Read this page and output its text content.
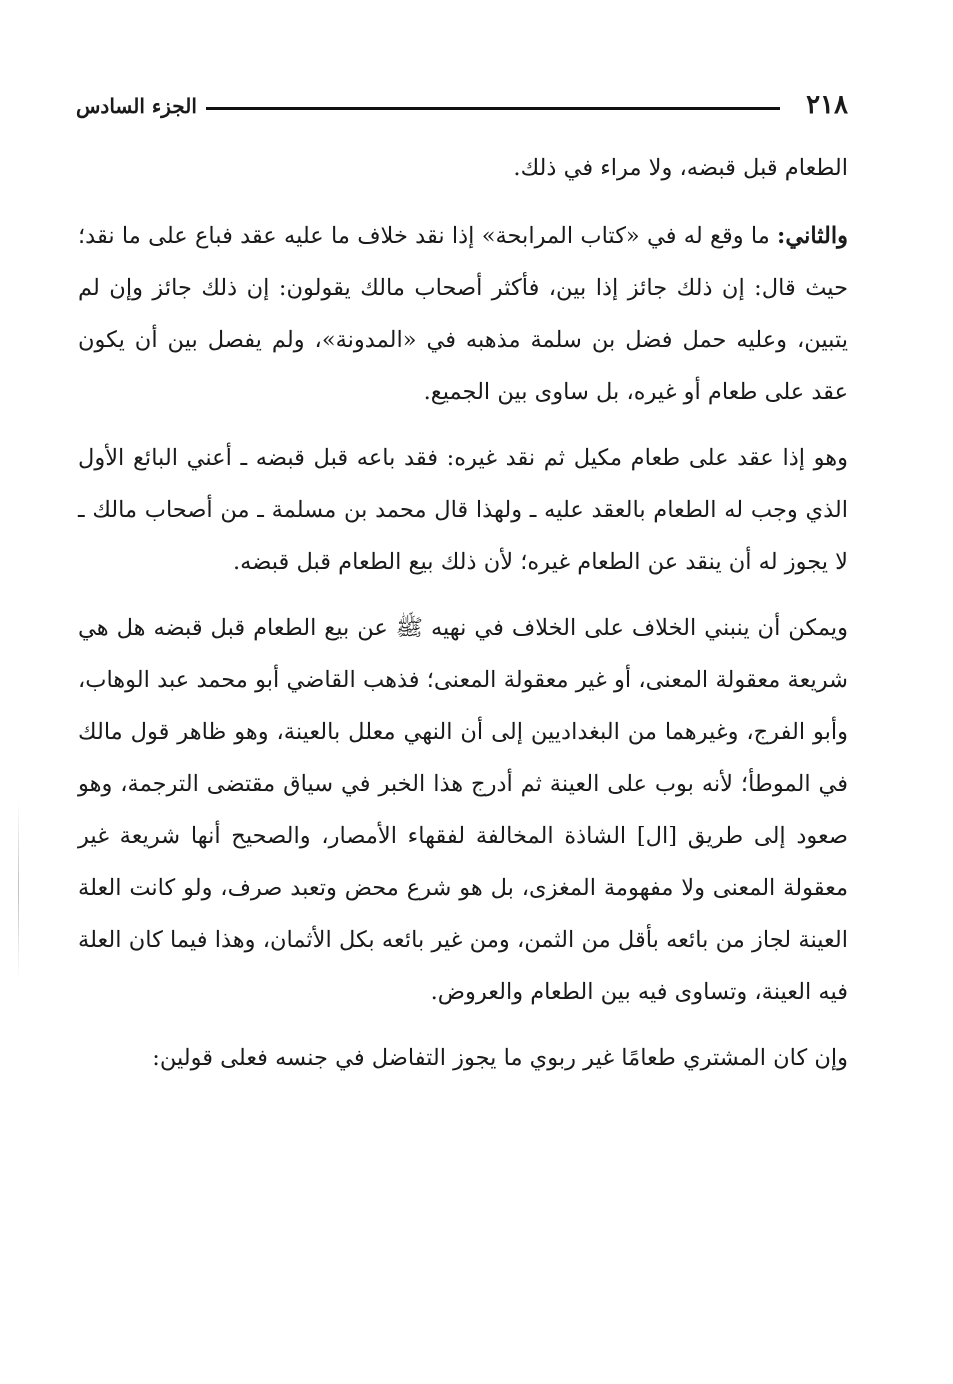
٢١٨
الجزء السادس

الطعام قبل قبضه، ولا مراء في ذلك.

والثاني: ما وقع له في «كتاب المرابحة» إذا نقد خلاف ما عليه عقد فباع على ما نقد؛ حيث قال: إن ذلك جائز إذا بين، فأكثر أصحاب مالك يقولون: إن ذلك جائز وإن لم يتبين، وعليه حمل فضل بن سلمة مذهبه في «المدونة»، ولم يفصل بين أن يكون عقد على طعام أو غيره، بل ساوى بين الجميع.

وهو إذا عقد على طعام مكيل ثم نقد غيره: فقد باعه قبل قبضه ـ أعني البائع الأول الذي وجب له الطعام بالعقد عليه ـ ولهذا قال محمد بن مسلمة ـ من أصحاب مالك ـ لا يجوز له أن ينقد عن الطعام غيره؛ لأن ذلك بيع الطعام قبل قبضه.

ويمكن أن ينبني الخلاف على الخلاف في نهيه ﷺ عن بيع الطعام قبل قبضه هل هي شريعة معقولة المعنى، أو غير معقولة المعنى؛ فذهب القاضي أبو محمد عبد الوهاب، وأبو الفرج، وغيرهما من البغداديين إلى أن النهي معلل بالعينة، وهو ظاهر قول مالك في الموطأ؛ لأنه بوب على العينة ثم أدرج هذا الخبر في سياق مقتضى الترجمة، وهو صعود إلى طريق [ال] الشاذة المخالفة لفقهاء الأمصار، والصحيح أنها شريعة غير معقولة المعنى ولا مفهومة المغزى، بل هو شرع محض وتعبد صرف، ولو كانت العلة العينة لجاز من بائعه بأقل من الثمن، ومن غير بائعه بكل الأثمان، وهذا فيما كان العلة فيه العينة، وتساوى فيه بين الطعام والعروض.

وإن كان المشتري طعامًا غير ربوي ما يجوز التفاضل في جنسه فعلى قولين:
